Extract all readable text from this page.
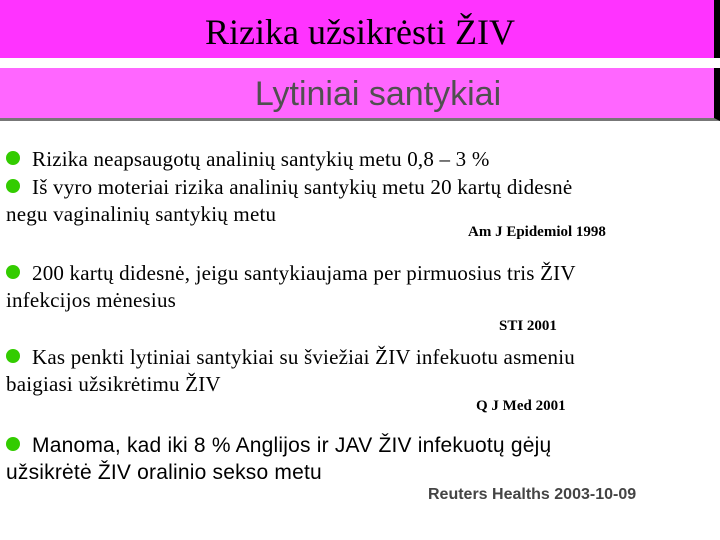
Rizika užsikrėsti ŽIV
Lytiniai santykiai
Rizika neapsaugotų analinių santykių metu 0,8 – 3 %
Iš vyro moteriai rizika analinių santykių metu 20 kartų didesnė
negu vaginalinių santykių metu
Am J Epidemiol 1998
200 kartų didesnė, jeigu santykiaujama per pirmuosius tris ŽIV
infekcijos mėnesius
STI 2001
Kas penkti lytiniai santykiai su šviežiai ŽIV infekuotu asmeniu
baigiasi užsikrėtimu ŽIV
Q J Med 2001
Manoma, kad iki 8 % Anglijos ir JAV ŽIV infekuotų gėjų
užsikrėtė ŽIV oralinio sekso metu
Reuters Healths 2003-10-09
